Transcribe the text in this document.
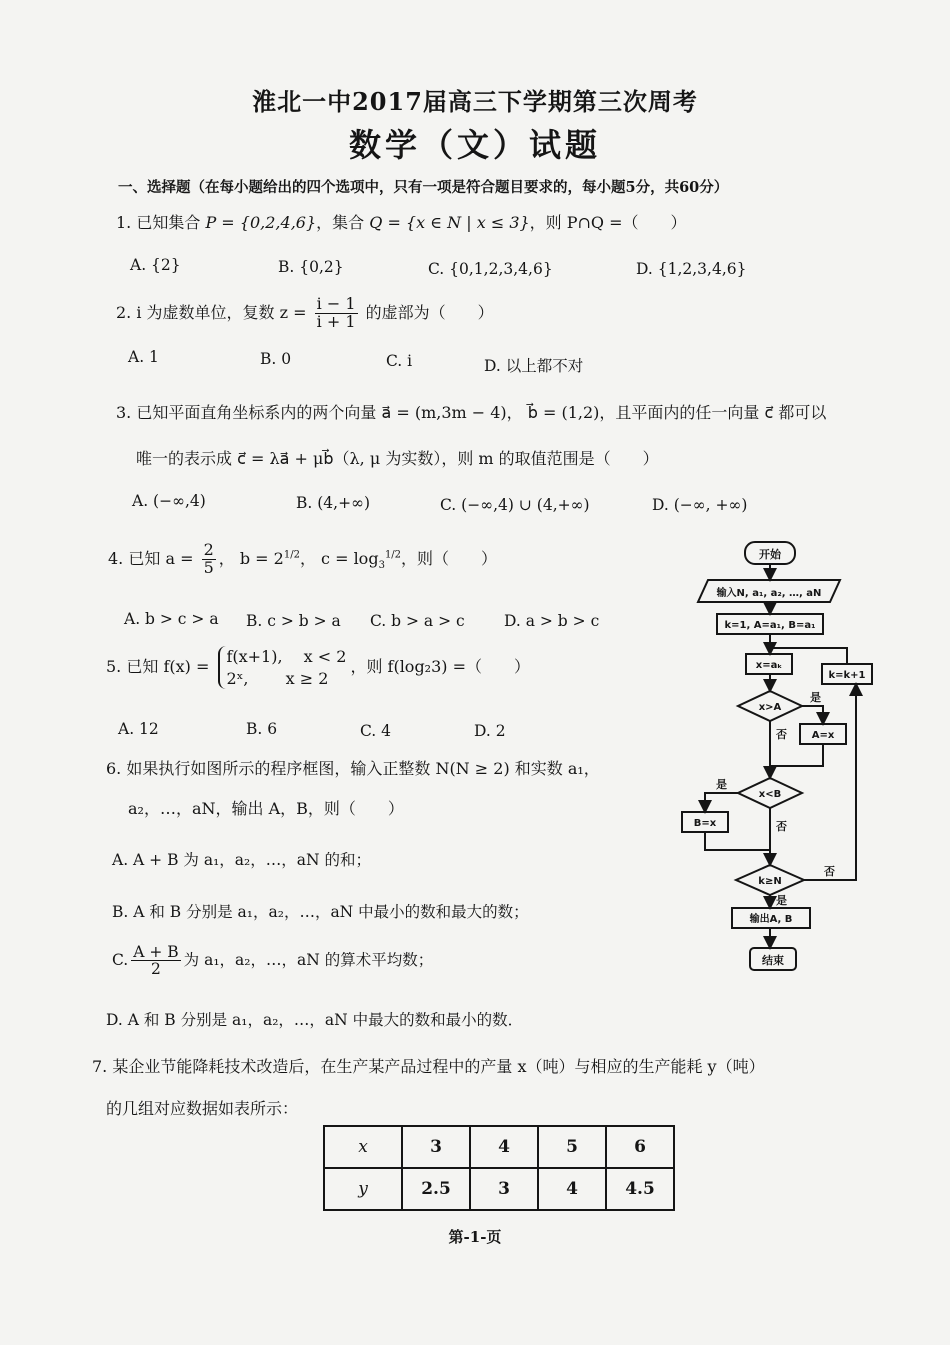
淮北一中2017届高三下学期第三次周考
数学（文）试题
一、选择题（在每小题给出的四个选项中，只有一项是符合题目要求的，每小题5分，共60分）
1. 已知集合 P = {0,2,4,6}，集合 Q = {x ∈ N | x ≤ 3}，则 P∩Q =（　　）
A. {2}	B. {0,2}	C. {0,1,2,3,4,6}	D. {1,2,3,4,6}
2. i 为虚数单位，复数 $z = \frac{i - 1}{i + 1}$ 的虚部为（　　）
A. 1	B. 0	C. i	D. 以上都不对
3. 已知平面直角坐标系内的两个向量 a⃗ = (m,3m − 4)， b⃗ = (1,2)，且平面内的任一向量 c⃗ 都可以
唯一的表示成 c⃗ = λa⃗ + μb⃗（λ, μ 为实数），则 m 的取值范围是（　　）
A. (−∞,4)	B. (4,+∞)	C. (−∞,4) ∪ (4,+∞)	D. (−∞, +∞)
4. 已知 $a = \frac{2}{5}$ ， $b = 2^{1/2}$， $c = \log_3^{1/2}$，则（　　）
A. b > c > a B. c > b > a C. b > a > c	D. a > b > c
5. 已知 f(x) =
f(x+1),　 x < 2
2ˣ,　　 x ≥ 2
，则 f(log₂3) =（　　）
A. 12	B. 6	C. 4	D. 2
6. 如果执行如图所示的程序框图，输入正整数 N(N ≥ 2) 和实数 a₁，
a₂，…，aN，输出 A，B，则（　　）
A. A + B 为 a₁，a₂，…，aN 的和；
B. A 和 B 分别是 a₁，a₂，…，aN 中最小的数和最大的数；
C. $\frac{A + B}{2}$ 为 a₁，a₂，…，aN 的算术平均数；
D. A 和 B 分别是 a₁，a₂，…，aN 中最大的数和最小的数．
开始
输入N, a₁, a₂, …, aN
k=1, A=a₁, B=a₁
x=aₖ
x>A
A=x
x<B
B=x
k≥N
k=k+1
输出A, B
结束
是
否
是
否
是
否
7. 某企业节能降耗技术改造后，在生产某产品过程中的产量 x（吨）与相应的生产能耗 y（吨）
的几组对应数据如表所示：
x	3	4	5	6
y	2.5	3	4	4.5
第-1-页
